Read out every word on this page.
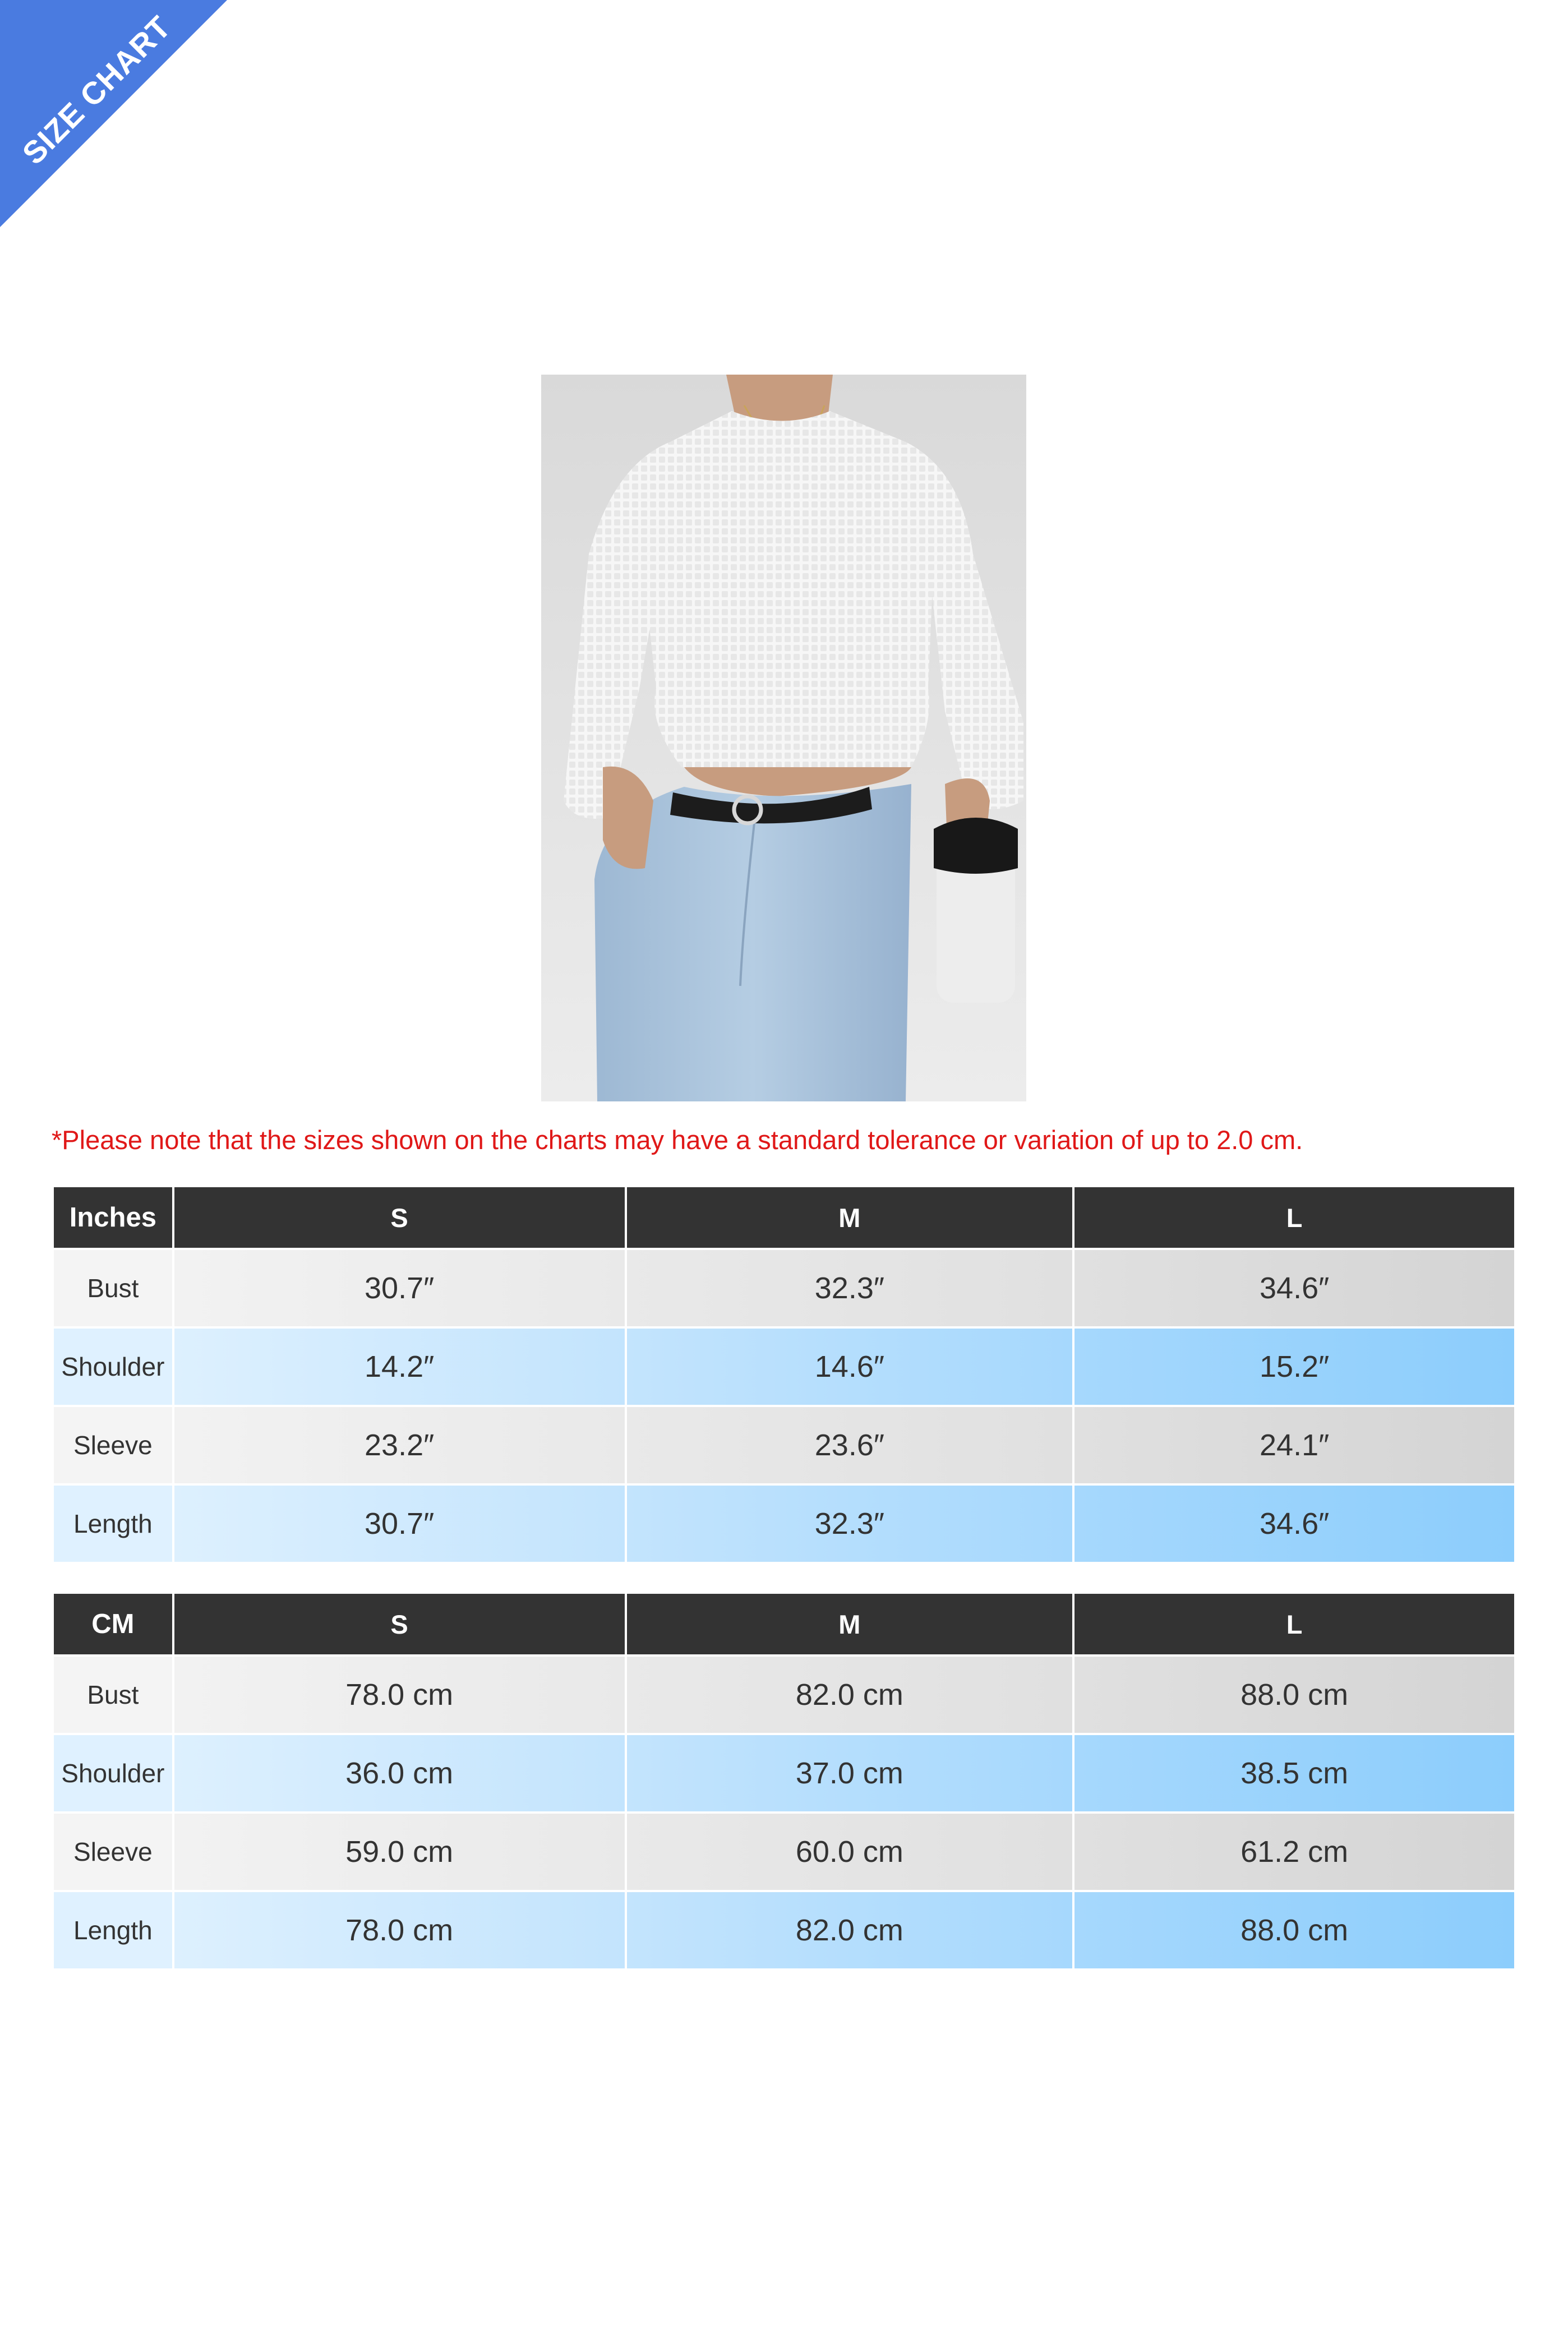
SIZE CHART
*Please note that the sizes shown on the charts may have a standard tolerance or variation of up to 2.0 cm.
Inches	S	M	L
Bust	30.7″	32.3″	34.6″
Shoulder	14.2″	14.6″	15.2″
Sleeve	23.2″	23.6″	24.1″
Length	30.7″	32.3″	34.6″
CM	S	M	L
Bust	78.0 cm	82.0 cm	88.0 cm
Shoulder	36.0 cm	37.0 cm	38.5 cm
Sleeve	59.0 cm	60.0 cm	61.2 cm
Length	78.0 cm	82.0 cm	88.0 cm
